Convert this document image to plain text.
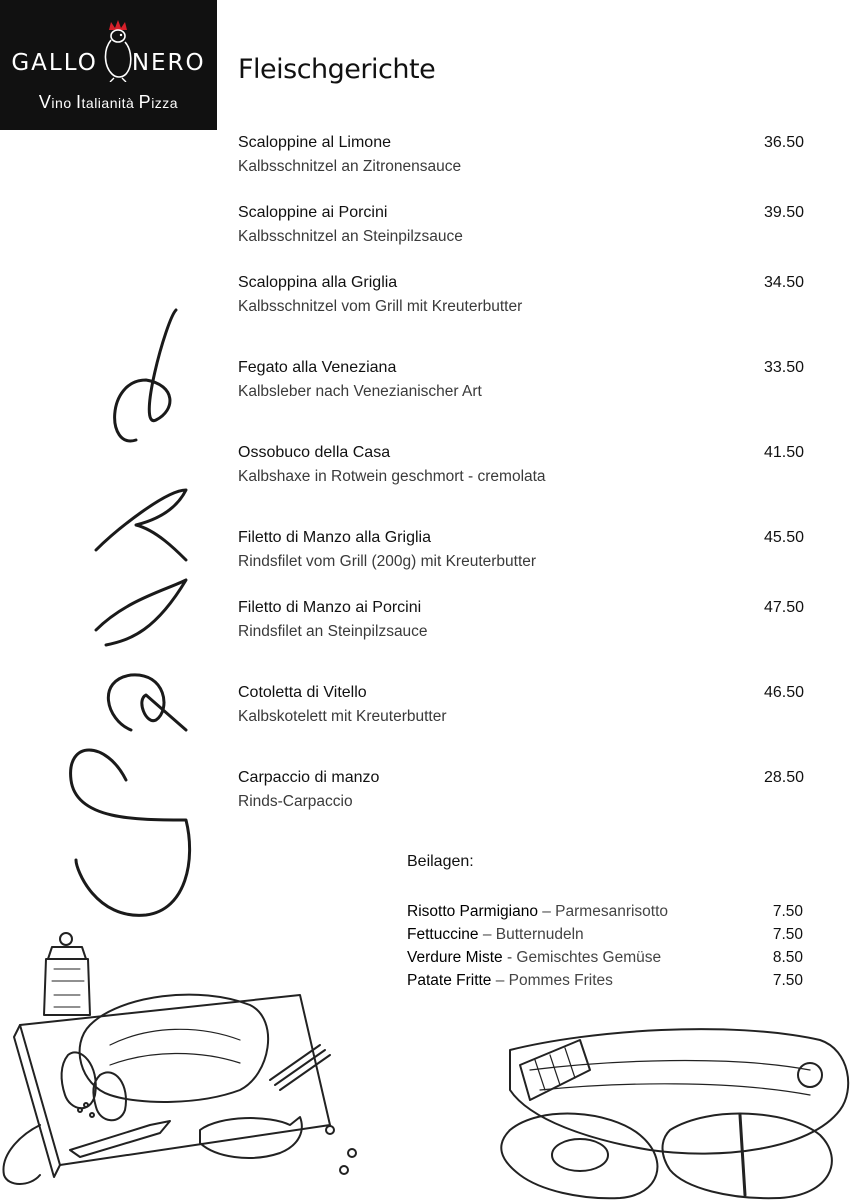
GALLO NERO
Vino Italianità Pizza
Fleischgerichte
Scaloppine al Limone
Kalbsschnitzel an Zitronensauce
36.50
Scaloppine ai Porcini
Kalbsschnitzel an Steinpilzsauce
39.50
Scaloppina alla Griglia
Kalbsschnitzel vom Grill mit Kreuterbutter
34.50
Fegato alla Veneziana
Kalbsleber nach Venezianischer Art
33.50
Ossobuco della Casa
Kalbshaxe in Rotwein geschmort - cremolata
41.50
Filetto di Manzo alla Griglia
Rindsfilet vom Grill (200g) mit Kreuterbutter
45.50
Filetto di Manzo ai Porcini
Rindsfilet an Steinpilzsauce
47.50
Cotoletta di Vitello
Kalbskotelett mit Kreuterbutter
46.50
Carpaccio di manzo
Rinds-Carpaccio
28.50
Beilagen:
Risotto Parmigiano – Parmesanrisotto	7.50
Fettuccine – Butternudeln	7.50
Verdure Miste - Gemischtes Gemüse	8.50
Patate Fritte – Pommes Frites	7.50
